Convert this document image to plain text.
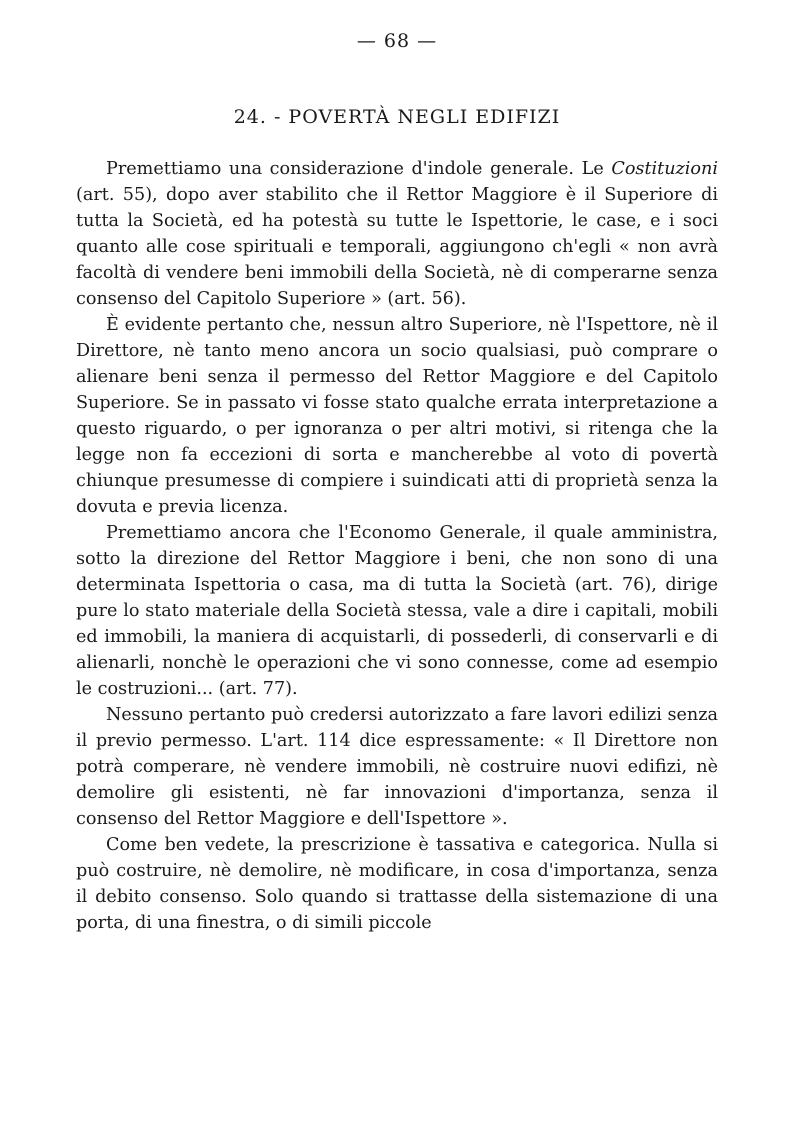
— 68 —
24. - POVERTÀ NEGLI EDIFIZI

Premettiamo una considerazione d'indole generale. Le Costituzioni (art. 55), dopo aver stabilito che il Rettor Maggiore è il Superiore di tutta la Società, ed ha potestà su tutte le Ispettorie, le case, e i soci quanto alle cose spirituali e temporali, aggiungono ch'egli « non avrà facoltà di vendere beni immobili della Società, nè di comperarne senza consenso del Capitolo Superiore » (art. 56).

È evidente pertanto che, nessun altro Superiore, nè l'Ispettore, nè il Direttore, nè tanto meno ancora un socio qualsiasi, può comprare o alienare beni senza il permesso del Rettor Maggiore e del Capitolo Superiore. Se in passato vi fosse stato qualche errata interpretazione a questo riguardo, o per ignoranza o per altri motivi, si ritenga che la legge non fa eccezioni di sorta e mancherebbe al voto di povertà chiunque presumesse di compiere i suindicati atti di proprietà senza la dovuta e previa licenza.

Premettiamo ancora che l'Economo Generale, il quale amministra, sotto la direzione del Rettor Maggiore i beni, che non sono di una determinata Ispettoria o casa, ma di tutta la Società (art. 76), dirige pure lo stato materiale della Società stessa, vale a dire i capitali, mobili ed immobili, la maniera di acquistarli, di possederli, di conservarli e di alienarli, nonchè le operazioni che vi sono connesse, come ad esempio le costruzioni... (art. 77).

Nessuno pertanto può credersi autorizzato a fare lavori edilizi senza il previo permesso. L'art. 114 dice espressamente: « Il Direttore non potrà comperare, nè vendere immobili, nè costruire nuovi edifizi, nè demolire gli esistenti, nè far innovazioni d'importanza, senza il consenso del Rettor Maggiore e dell'Ispettore ».

Come ben vedete, la prescrizione è tassativa e categorica. Nulla si può costruire, nè demolire, nè modificare, in cosa d'importanza, senza il debito consenso. Solo quando si trattasse della sistemazione di una porta, di una finestra, o di simili piccole
